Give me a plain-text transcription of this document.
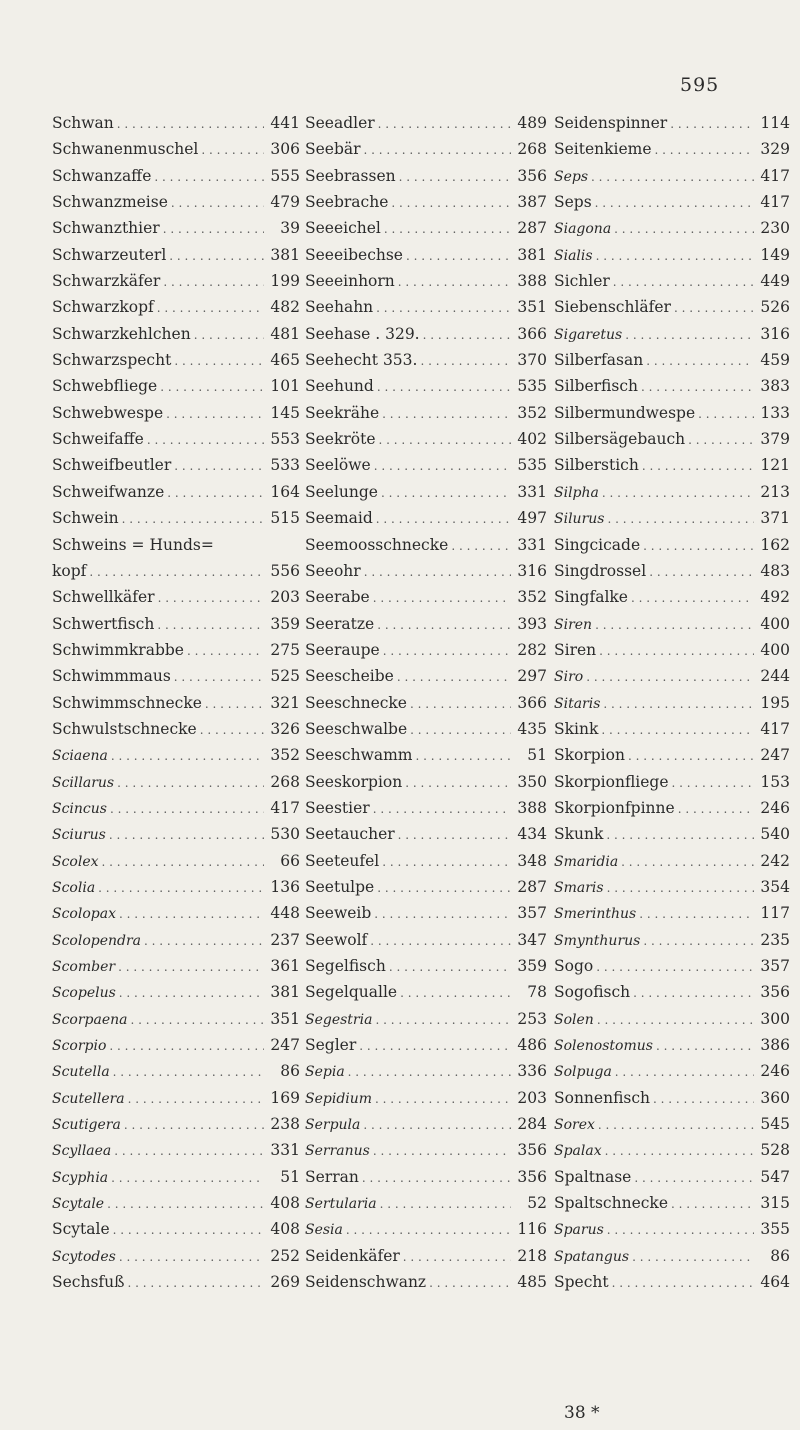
595
Schwan . . .	441
Schwanenmuschel . . .	306
Schwanzaffe . . .	555
Schwanzmeise . . .	479
Schwanzthier . . .	39
Schwarzeuterl . . .	381
Schwarzkäfer . . .	199
Schwarzkopf . . .	482
Schwarzkehlchen . . .	481
Schwarzspecht . . .	465
Schwebfliege . . .	101
Schwebwespe . . .	145
Schweifaffe . . .	553
Schweifbeutler . . .	533
Schweifwanze . . .	164
Schwein . . .	515
Schweins = Hunds=
kopf . . .	556
Schwellkäfer . . .	203
Schwertfisch . . .	359
Schwimmkrabbe . . .	275
Schwimmmaus . . .	525
Schwimmschnecke . . .	321
Schwulstschnecke . . .	326
Sciaena . . .	352
Scillarus . . .	268
Scincus . . .	417
Sciurus . . .	530
Scolex . . .	66
Scolia . . .	136
Scolopax . . .	448
Scolopendra . . .	237
Scomber . . .	361
Scopelus . . .	381
Scorpaena . . .	351
Scorpio . . .	247
Scutella . . .	86
Scutellera . . .	169
Scutigera . . .	238
Scyllaea . . .	331
Scyphia . . .	51
Scytale . . .	408
Scytale . . .	408
Scytodes . . .	252
Sechsfuß . . .	269
Seeadler . . .	489
Seebär . . .	268
Seebrassen . . .	356
Seebrache . . .	387
Seeeichel . . .	287
Seeeibechse . . .	381
Seeeinhorn . . .	388
Seehahn . . .	351
Seehase . 329. . . .	366
Seehecht 353. . . .	370
Seehund . . .	535
Seekrähe . . .	352
Seekröte . . .	402
Seelöwe . . .	535
Seelunge . . .	331
Seemaid . . .	497
Seemoosschnecke . . .	331
Seeohr . . .	316
Seerabe . . .	352
Seeratze . . .	393
Seeraupe . . .	282
Seescheibe . . .	297
Seeschnecke . . .	366
Seeschwalbe . . .	435
Seeschwamm . . .	51
Seeskorpion . . .	350
Seestier . . .	388
Seetaucher . . .	434
Seeteufel . . .	348
Seetulpe . . .	287
Seeweib . . .	357
Seewolf . . .	347
Segelfisch . . .	359
Segelqualle . . .	78
Segestria . . .	253
Segler . . .	486
Sepia . . .	336
Sepidium . . .	203
Serpula . . .	284
Serranus . . .	356
Serran . . .	356
Sertularia . . .	52
Sesia . . .	116
Seidenkäfer . . .	218
Seidenschwanz . . .	485
Seidenspinner . . .	114
Seitenkieme . . .	329
Seps . . .	417
Seps . . .	417
Siagona . . .	230
Sialis . . .	149
Sichler . . .	449
Siebenschläfer . . .	526
Sigaretus . . .	316
Silberfasan . . .	459
Silberfisch . . .	383
Silbermundwespe . . .	133
Silbersägebauch . . .	379
Silberstich . . .	121
Silpha . . .	213
Silurus . . .	371
Singcicade . . .	162
Singdrossel . . .	483
Singfalke . . .	492
Siren . . .	400
Siren . . .	400
Siro . . .	244
Sitaris . . .	195
Skink . . .	417
Skorpion . . .	247
Skorpionfliege . . .	153
Skorpionfpinne . . .	246
Skunk . . .	540
Smaridia . . .	242
Smaris . . .	354
Smerinthus . . .	117
Smynthurus . . .	235
Sogo . . .	357
Sogofisch . . .	356
Solen . . .	300
Solenostomus . . .	386
Solpuga . . .	246
Sonnenfisch . . .	360
Sorex . . .	545
Spalax . . .	528
Spaltnase . . .	547
Spaltschnecke . . .	315
Sparus . . .	355
Spatangus . . .	86
Specht . . .	464
38 *
